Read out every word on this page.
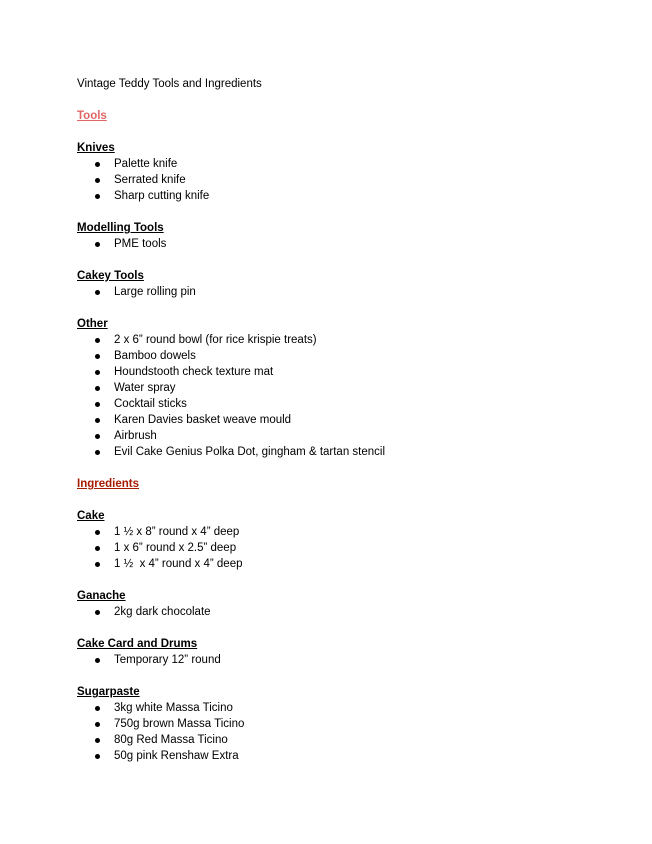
Vintage Teddy Tools and Ingredients
Tools
Knives
Palette knife
Serrated knife
Sharp cutting knife
Modelling Tools
PME tools
Cakey Tools
Large rolling pin
Other
2 x 6” round bowl (for rice krispie treats)
Bamboo dowels
Houndstooth check texture mat
Water spray
Cocktail sticks
Karen Davies basket weave mould
Airbrush
Evil Cake Genius Polka Dot, gingham & tartan stencil
Ingredients
Cake
1 ½ x 8” round x 4” deep
1 x 6” round x 2.5” deep
1 ½  x 4” round x 4” deep
Ganache
2kg dark chocolate
Cake Card and Drums
Temporary 12” round
Sugarpaste
3kg white Massa Ticino
750g brown Massa Ticino
80g Red Massa Ticino
50g pink Renshaw Extra
